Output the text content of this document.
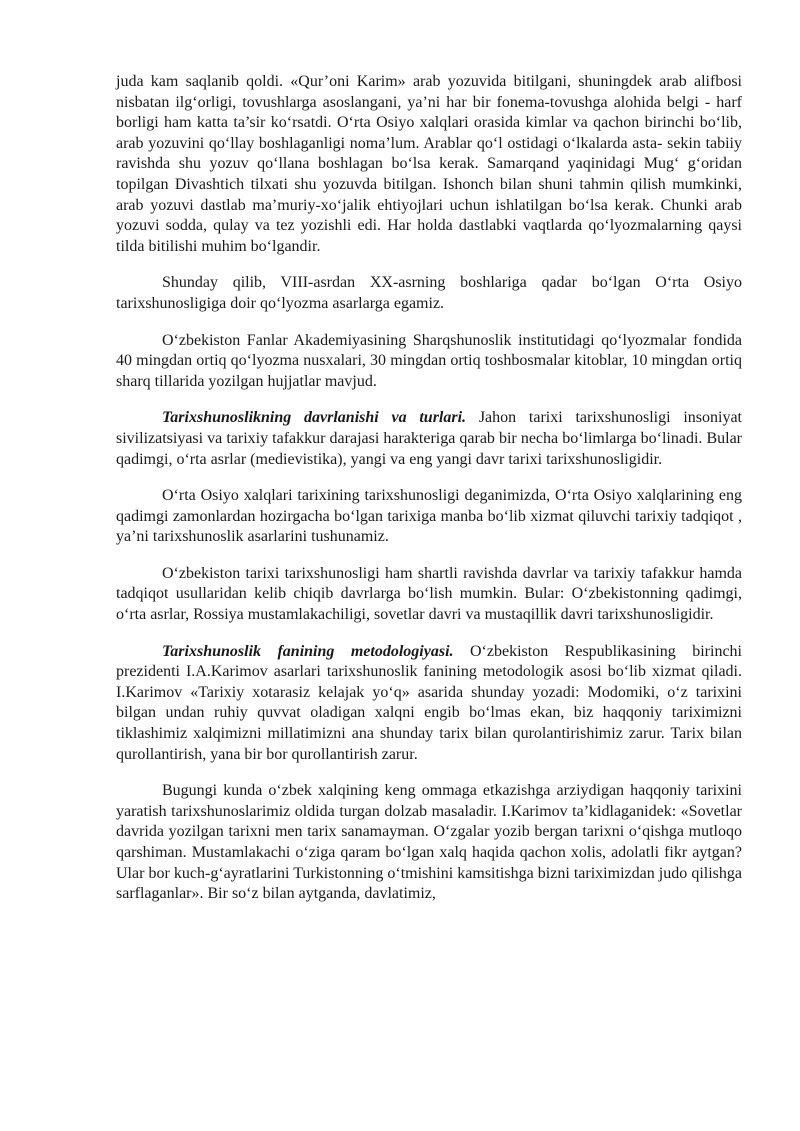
juda kam saqlanib qoldi. «Qur’oni Karim» arab yozuvida bitilgani, shuningdek arab alifbosi nisbatan ilg‘orligi, tovushlarga asoslangani, ya’ni har bir fonema-tovushga alohida belgi - harf borligi ham katta ta’sir ko‘rsatdi. O‘rta Osiyo xalqlari orasida kimlar va qachon birinchi bo‘lib, arab yozuvini qo‘llay boshlaganligi noma’lum. Arablar qo‘l ostidagi o‘lkalarda asta- sekin tabiiy ravishda shu yozuv qo‘llana boshlagan bo‘lsa kerak. Samarqand yaqinidagi Mug‘ g‘oridan topilgan Divashtich tilxati shu yozuvda bitilgan. Ishonch bilan shuni tahmin qilish mumkinki, arab yozuvi dastlab ma’muriy-xo‘jalik ehtiyojlari uchun ishlatilgan bo‘lsa kerak. Chunki arab yozuvi sodda, qulay va tez yozishli edi. Har holda dastlabki vaqtlarda qo‘lyozmalarning qaysi tilda bitilishi muhim bo‘lgandir.

Shunday qilib, VIII-asrdan XX-asrning boshlariga qadar bo‘lgan O‘rta Osiyo tarixshunosligiga doir qo‘lyozma asarlarga egamiz.

O‘zbekiston Fanlar Akademiyasining Sharqshunoslik institutidagi qo‘lyozmalar fondida 40 mingdan ortiq qo‘lyozma nusxalari, 30 mingdan ortiq toshbosmalar kitoblar, 10 mingdan ortiq sharq tillarida yozilgan hujjatlar mavjud.

Tarixshunoslikning davrlanishi va turlari. Jahon tarixi tarixshunosligi insoniyat sivilizatsiyasi va tarixiy tafakkur darajasi harakteriga qarab bir necha bo‘limlarga bo‘linadi. Bular qadimgi, o‘rta asrlar (medievistika), yangi va eng yangi davr tarixi tarixshunosligidir.

O‘rta Osiyo xalqlari tarixining tarixshunosligi deganimizda, O‘rta Osiyo xalqlarining eng qadimgi zamonlardan hozirgacha bo‘lgan tarixiga manba bo‘lib xizmat qiluvchi tarixiy tadqiqot , ya’ni tarixshunoslik asarlarini tushunamiz.

O‘zbekiston tarixi tarixshunosligi ham shartli ravishda davrlar va tarixiy tafakkur hamda tadqiqot usullaridan kelib chiqib davrlarga bo‘lish mumkin. Bular: O‘zbekistonning qadimgi, o‘rta asrlar, Rossiya mustamlakachiligi, sovetlar davri va mustaqillik davri tarixshunosligidir.

Tarixshunoslik fanining metodologiyasi. O‘zbekiston Respublikasining birinchi prezidenti I.A.Karimov asarlari tarixshunoslik fanining metodologik asosi bo‘lib xizmat qiladi. I.Karimov «Tarixiy xotarasiz kelajak yo‘q» asarida shunday yozadi: Modomiki, o‘z tarixini bilgan undan ruhiy quvvat oladigan xalqni engib bo‘lmas ekan, biz haqqoniy tariximizni tiklashimiz xalqimizni millatimizni ana shunday tarix bilan qurolantirishimiz zarur. Tarix bilan qurollantirish, yana bir bor qurollantirish zarur.

Bugungi kunda o‘zbek xalqining keng ommaga etkazishga arziydigan haqqoniy tarixini yaratish tarixshunoslarimiz oldida turgan dolzab masaladir. I.Karimov ta’kidlaganidek: «Sovetlar davrida yozilgan tarixni men tarix sanamayman. O‘zgalar yozib bergan tarixni o‘qishga mutloqo qarshiman. Mustamlakachi o‘ziga qaram bo‘lgan xalq haqida qachon xolis, adolatli fikr aytgan? Ular bor kuch-g‘ayratlarini Turkistonning o‘tmishini kamsitishga bizni tariximizdan judo qilishga sarflaganlar». Bir so‘z bilan aytganda, davlatimiz,
